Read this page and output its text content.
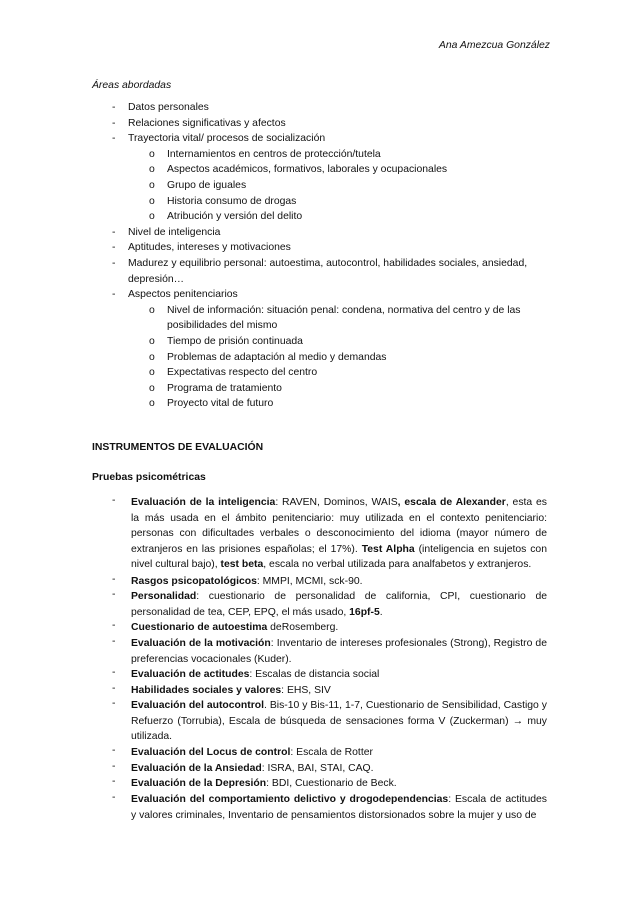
Ana Amezcua González
Áreas abordadas
- Datos personales
- Relaciones significativas y afectos
- Trayectoria vital/ procesos de socialización
o Internamientos en centros de protección/tutela
o Aspectos académicos, formativos, laborales y ocupacionales
o Grupo de iguales
o Historia consumo de drogas
o Atribución y versión del delito
- Nivel de inteligencia
- Aptitudes, intereses y motivaciones
- Madurez y equilibrio personal: autoestima, autocontrol, habilidades sociales, ansiedad,
depresión…
- Aspectos penitenciarios
o Nivel de información: situación penal: condena, normativa del centro y de las
posibilidades del mismo
o Tiempo de prisión continuada
o Problemas de adaptación al medio y demandas
o Expectativas respecto del centro
o Programa de tratamiento
o Proyecto vital de futuro
INSTRUMENTOS DE EVALUACIÓN
Pruebas psicométricas
- Evaluación de la inteligencia: RAVEN, Dominos, WAIS, escala de Alexander, esta es la más usada en el ámbito penitenciario: muy utilizada en el contexto penitenciario: personas con dificultades verbales o desconocimiento del idioma (mayor número de extranjeros en las prisiones españolas; el 17%). Test Alpha (inteligencia en sujetos con nivel cultural bajo), test beta, escala no verbal utilizada para analfabetos y extranjeros.
- Rasgos psicopatológicos: MMPI, MCMI, sck-90.
- Personalidad: cuestionario de personalidad de california, CPI, cuestionario de personalidad de tea, CEP, EPQ, el más usado, 16pf-5.
- Cuestionario de autoestima deRosemberg.
- Evaluación de la motivación: Inventario de intereses profesionales (Strong), Registro de preferencias vocacionales (Kuder).
- Evaluación de actitudes: Escalas de distancia social
- Habilidades sociales y valores: EHS, SIV
- Evaluación del autocontrol. Bis-10 y Bis-11, 1-7, Cuestionario de Sensibilidad, Castigo y Refuerzo (Torrubia), Escala de búsqueda de sensaciones forma V (Zuckerman) → muy utilizada.
- Evaluación del Locus de control: Escala de Rotter
- Evaluación de la Ansiedad: ISRA, BAI, STAI, CAQ.
- Evaluación de la Depresión: BDI, Cuestionario de Beck.
- Evaluación del comportamiento delictivo y drogodependencias: Escala de actitudes y valores criminales, Inventario de pensamientos distorsionados sobre la mujer y uso de
